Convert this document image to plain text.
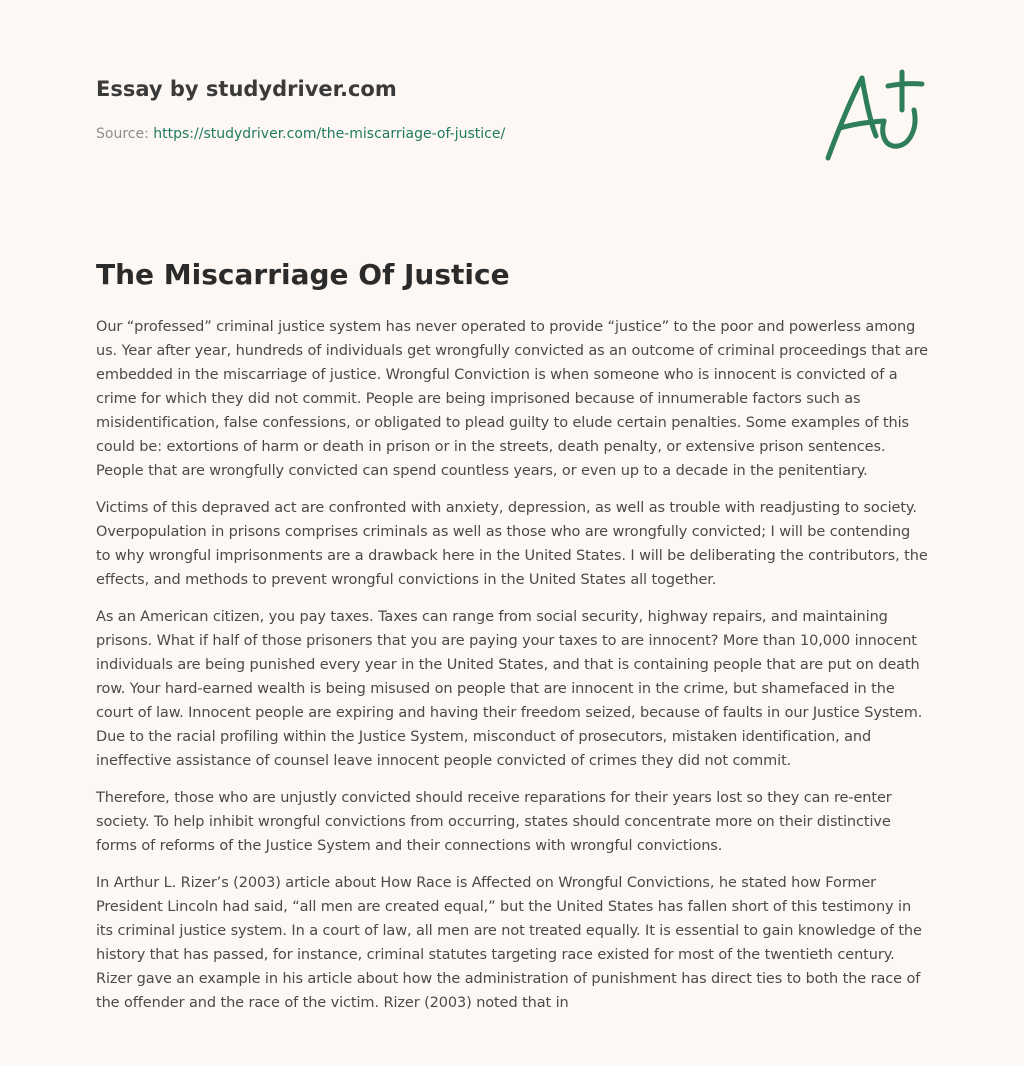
Essay by studydriver.com
Source: https://studydriver.com/the-miscarriage-of-justice/
The Miscarriage Of Justice

Our “professed” criminal justice system has never operated to provide “justice” to the poor and powerless among us. Year after year, hundreds of individuals get wrongfully convicted as an outcome of criminal proceedings that are embedded in the miscarriage of justice. Wrongful Conviction is when someone who is innocent is convicted of a crime for which they did not commit. People are being imprisoned because of innumerable factors such as misidentification, false confessions, or obligated to plead guilty to elude certain penalties. Some examples of this could be: extortions of harm or death in prison or in the streets, death penalty, or extensive prison sentences. People that are wrongfully convicted can spend countless years, or even up to a decade in the penitentiary.

Victims of this depraved act are confronted with anxiety, depression, as well as trouble with readjusting to society. Overpopulation in prisons comprises criminals as well as those who are wrongfully convicted; I will be contending to why wrongful imprisonments are a drawback here in the United States. I will be deliberating the contributors, the effects, and methods to prevent wrongful convictions in the United States all together.

As an American citizen, you pay taxes. Taxes can range from social security, highway repairs, and maintaining prisons. What if half of those prisoners that you are paying your taxes to are innocent? More than 10,000 innocent individuals are being punished every year in the United States, and that is containing people that are put on death row. Your hard-earned wealth is being misused on people that are innocent in the crime, but shamefaced in the court of law. Innocent people are expiring and having their freedom seized, because of faults in our Justice System. Due to the racial profiling within the Justice System, misconduct of prosecutors, mistaken identification, and ineffective assistance of counsel leave innocent people convicted of crimes they did not commit.

Therefore, those who are unjustly convicted should receive reparations for their years lost so they can re-enter society. To help inhibit wrongful convictions from occurring, states should concentrate more on their distinctive forms of reforms of the Justice System and their connections with wrongful convictions.

In Arthur L. Rizer’s (2003) article about How Race is Affected on Wrongful Convictions, he stated how Former President Lincoln had said, “all men are created equal,” but the United States has fallen short of this testimony in its criminal justice system. In a court of law, all men are not treated equally. It is essential to gain knowledge of the history that has passed, for instance, criminal statutes targeting race existed for most of the twentieth century. Rizer gave an example in his article about how the administration of punishment has direct ties to both the race of the offender and the race of the victim. Rizer (2003) noted that in
